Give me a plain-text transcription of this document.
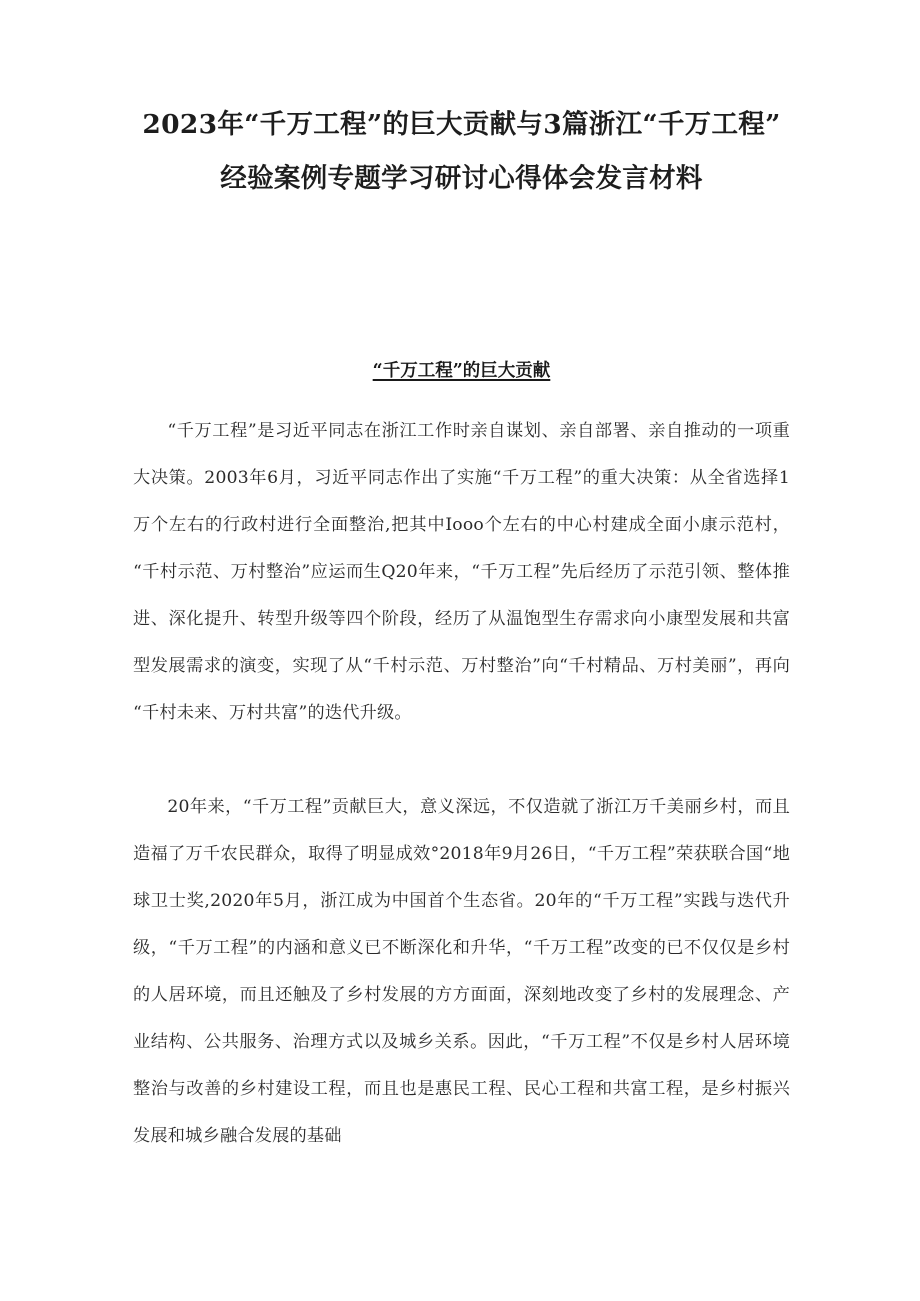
2023年“千万工程”的巨大贡献与3篇浙江“千万工程”经验案例专题学习研讨心得体会发言材料
“千万工程”的巨大贡献

“千万工程”是习近平同志在浙江工作时亲自谋划、亲自部署、亲自推动的一项重大决策。2003年6月，习近平同志作出了实施“千万工程”的重大决策：从全省选择1万个左右的行政村进行全面整治,把其中Iooo个左右的中心村建成全面小康示范村，“千村示范、万村整治”应运而生Q20年来，“千万工程”先后经历了示范引领、整体推进、深化提升、转型升级等四个阶段，经历了从温饱型生存需求向小康型发展和共富型发展需求的演变，实现了从“千村示范、万村整治”向“千村精品、万村美丽”，再向“千村未来、万村共富”的迭代升级。

20年来，“千万工程”贡献巨大，意义深远，不仅造就了浙江万千美丽乡村，而且造福了万千农民群众，取得了明显成效°2018年9月26日，“千万工程”荣获联合国“地球卫士奖,2020年5月，浙江成为中国首个生态省。20年的“千万工程”实践与迭代升级，“千万工程”的内涵和意义已不断深化和升华，“千万工程”改变的已不仅仅是乡村的人居环境，而且还触及了乡村发展的方方面面，深刻地改变了乡村的发展理念、产业结构、公共服务、治理方式以及城乡关系。因此，“千万工程”不仅是乡村人居环境整治与改善的乡村建设工程，而且也是惠民工程、民心工程和共富工程，是乡村振兴发展和城乡融合发展的基础
